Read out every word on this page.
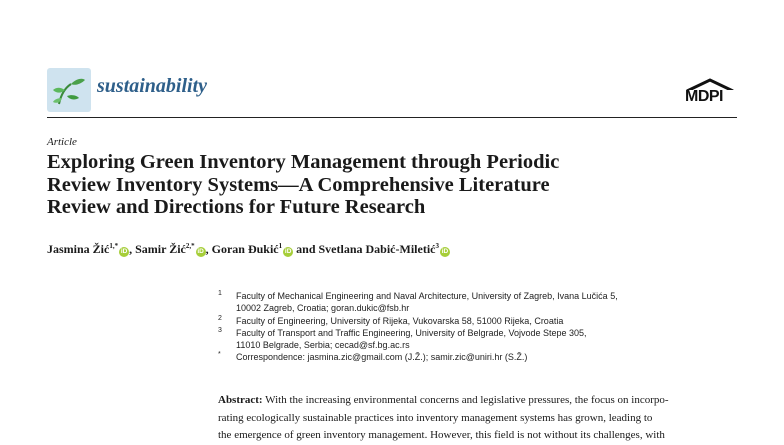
sustainability	MDPI
Article
Exploring Green Inventory Management through Periodic
Review Inventory Systems—A Comprehensive Literature
Review and Directions for Future Research
Jasmina Žić$^{1,*}$iD , Samir Žić$^{2,*}$iD , Goran Đukić$^1$iD and Svetlana Dabić-Miletić$^3$iD
1 Faculty of Mechanical Engineering and Naval Architecture, University of Zagreb, Ivana Lučića 5,
10002 Zagreb, Croatia; goran.dukic@fsb.hr
2 Faculty of Engineering, University of Rijeka, Vukovarska 58, 51000 Rijeka, Croatia
3 Faculty of Transport and Traffic Engineering, University of Belgrade, Vojvode Stepe 305,
11010 Belgrade, Serbia; cecad@sf.bg.ac.rs
* Correspondence: jasmina.zic@gmail.com (J.Ž.); samir.zic@uniri.hr (S.Ž.)
Abstract: With the increasing environmental concerns and legislative pressures, the focus on incorpo-
rating ecologically sustainable practices into inventory management systems has grown, leading to
the emergence of green inventory management. However, this field is not without its challenges, with
